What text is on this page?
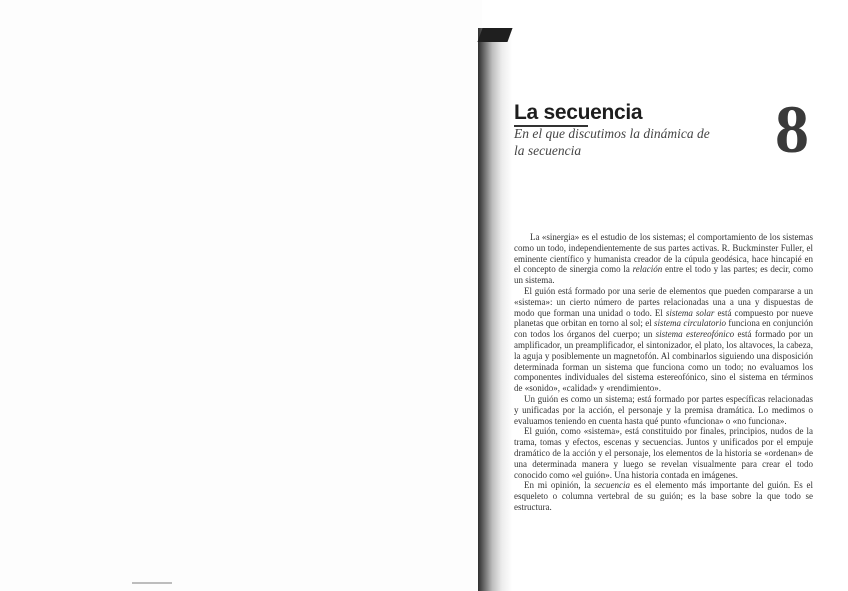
La secuencia
En el que discutimos la dinámica de la secuencia	8

La «sinergia» es el estudio de los sistemas; el comportamiento de los sistemas como un todo, independientemente de sus partes activas. R. Buckminster Fuller, el eminente científico y humanista creador de la cúpula geodésica, hace hincapié en el concepto de sinergia como la relación entre el todo y las partes; es decir, como un sistema.

El guión está formado por una serie de elementos que pueden compararse a un «sistema»: un cierto número de partes relacionadas una a una y dispuestas de modo que forman una unidad o todo. El sistema solar está compuesto por nueve planetas que orbitan en torno al sol; el sistema circulatorio funciona en conjunción con todos los órganos del cuerpo; un sistema estereofónico está formado por un amplificador, un preamplificador, el sintonizador, el plato, los altavoces, la cabeza, la aguja y posiblemente un magnetofón. Al combinarlos siguiendo una disposición determinada forman un sistema que funciona como un todo; no evaluamos los componentes individuales del sistema estereofónico, sino el sistema en términos de «sonido», «calidad» y «rendimiento».

Un guión es como un sistema; está formado por partes específicas relacionadas y unificadas por la acción, el personaje y la premisa dramática. Lo medimos o evaluamos teniendo en cuenta hasta qué punto «funciona» o «no funciona».

El guión, como «sistema», está constituido por finales, principios, nudos de la trama, tomas y efectos, escenas y secuencias. Juntos y unificados por el empuje dramático de la acción y el personaje, los elementos de la historia se «ordenan» de una determinada manera y luego se revelan visualmente para crear el todo conocido como «el guión». Una historia contada en imágenes.

En mi opinión, la secuencia es el elemento más importante del guión. Es el esqueleto o columna vertebral de su guión; es la base sobre la que todo se estructura.
